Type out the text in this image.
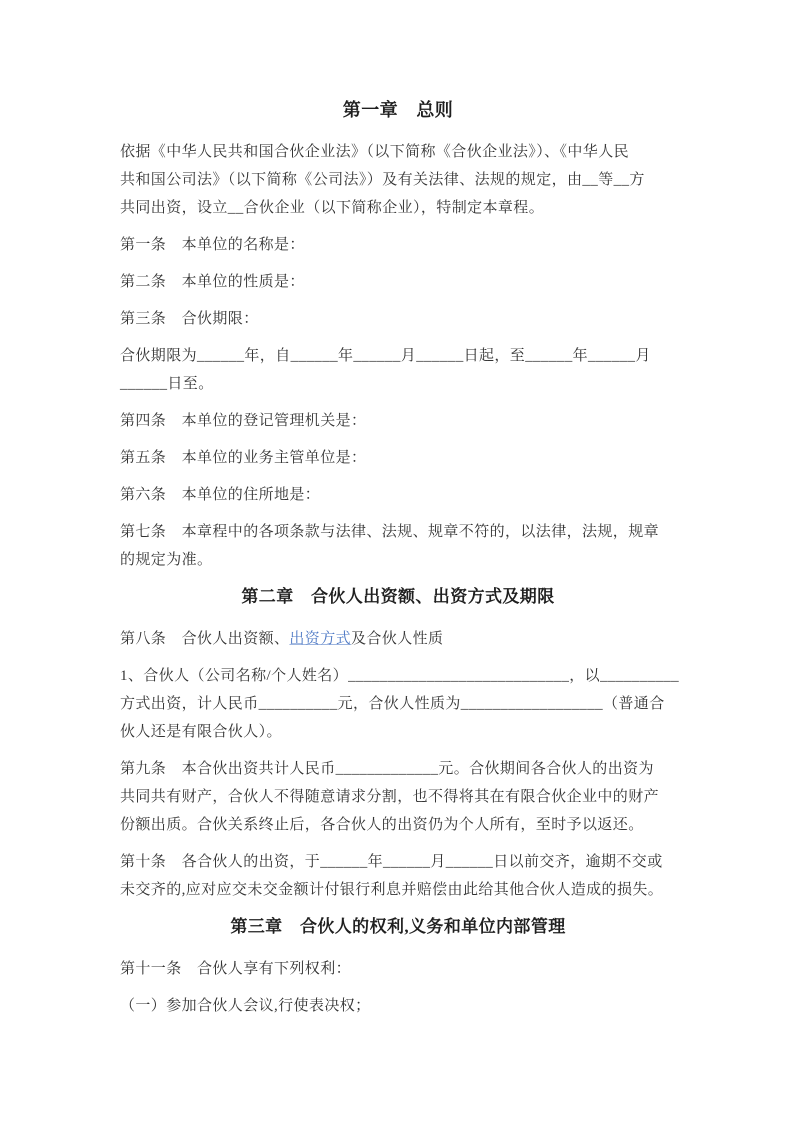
第一章　总则
依据《中华人民共和国合伙企业法》（以下简称《合伙企业法》）、《中华人民
共和国公司法》（以下简称《公司法》）及有关法律、法规的规定，由__等__方
共同出资，设立__合伙企业（以下简称企业），特制定本章程。
第一条　本单位的名称是：
第二条　本单位的性质是：
第三条　合伙期限：
合伙期限为______年，自______年______月______日起，至______年______月
______日至。
第四条　本单位的登记管理机关是：
第五条　本单位的业务主管单位是：
第六条　本单位的住所地是：
第七条　本章程中的各项条款与法律、法规、规章不符的，以法律，法规，规章
的规定为准。
第二章　合伙人出资额、出资方式及期限
第八条　合伙人出资额、出资方式及合伙人性质
1、合伙人（公司名称/个人姓名）____________________________，以__________
方式出资，计人民币__________元，合伙人性质为__________________（普通合
伙人还是有限合伙人）。
第九条　本合伙出资共计人民币_____________元。合伙期间各合伙人的出资为
共同共有财产，合伙人不得随意请求分割，也不得将其在有限合伙企业中的财产
份额出质。合伙关系终止后，各合伙人的出资仍为个人所有，至时予以返还。
第十条　各合伙人的出资，于______年______月______日以前交齐，逾期不交或
未交齐的,应对应交未交金额计付银行利息并赔偿由此给其他合伙人造成的损失。
第三章　合伙人的权利,义务和单位内部管理
第十一条　合伙人享有下列权利：
（一）参加合伙人会议,行使表决权；
